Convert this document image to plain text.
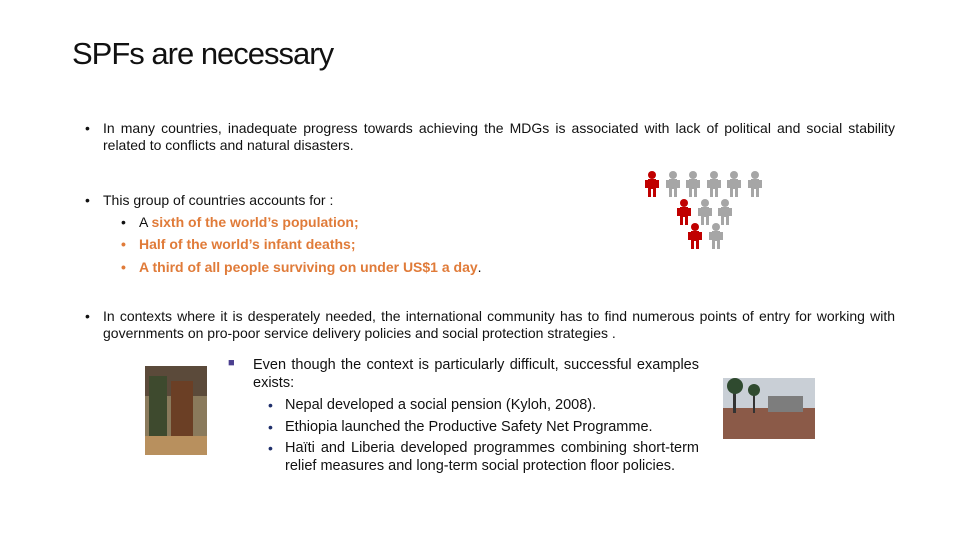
SPFs are necessary
• In many countries, inadequate progress towards achieving the MDGs is associated with lack of political and social stability related to conflicts and natural disasters.
• This group of countries accounts for :
• A sixth of the world’s population;
• Half of the world’s infant deaths;
• A third of all people surviving on under US$1 a day.
• In contexts where it is desperately needed, the international community has to find numerous points of entry for working with governments on pro-poor service delivery policies and social protection strategies .
■ Even though the context is particularly difficult, successful examples exists:
• Nepal developed a social pension (Kyloh, 2008).
• Ethiopia launched the Productive Safety Net Programme.
• Haïti and Liberia developed programmes combining short-term relief measures and long-term social protection floor policies.
